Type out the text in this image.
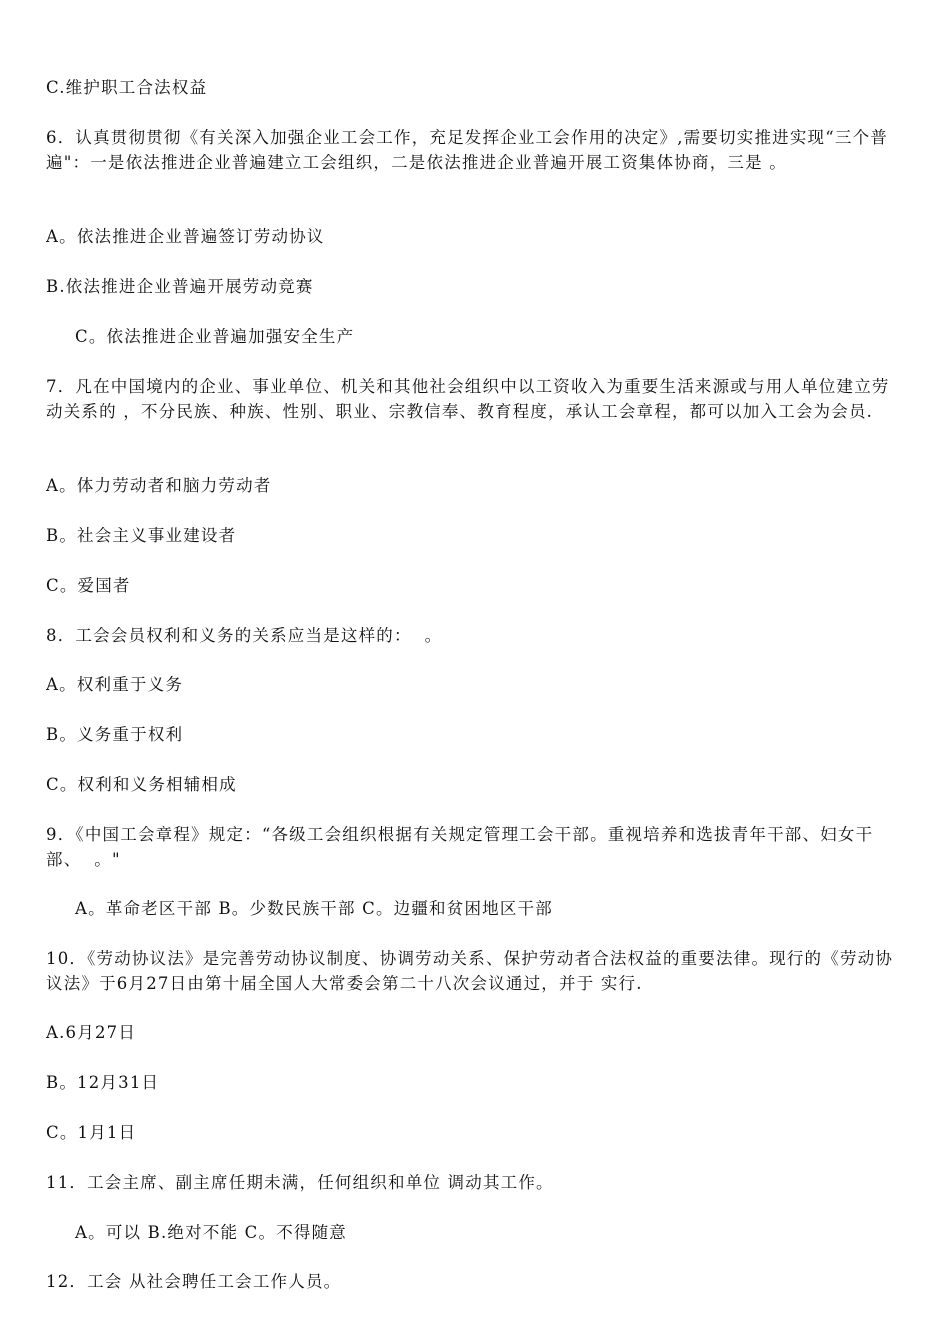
C.维护职工合法权益

6．认真贯彻贯彻《有关深入加强企业工会工作，充足发挥企业工会作用的决定》,需要切实推进实现“三个普遍"：一是依法推进企业普遍建立工会组织，二是依法推进企业普遍开展工资集体协商，三是 。

A。依法推进企业普遍签订劳动协议

B.依法推进企业普遍开展劳动竞赛

C。依法推进企业普遍加强安全生产

7．凡在中国境内的企业、事业单位、机关和其他社会组织中以工资收入为重要生活来源或与用人单位建立劳动关系的 ，不分民族、种族、性别、职业、宗教信奉、教育程度，承认工会章程，都可以加入工会为会员.

A。体力劳动者和脑力劳动者

B。社会主义事业建设者

C。爱国者

8．工会会员权利和义务的关系应当是这样的：  。

A。权利重于义务

B。义务重于权利

C。权利和义务相辅相成

9．《中国工会章程》规定：“各级工会组织根据有关规定管理工会干部。重视培养和选拔青年干部、妇女干部、  。"

A。革命老区干部 B。少数民族干部 C。边疆和贫困地区干部

10．《劳动协议法》是完善劳动协议制度、协调劳动关系、保护劳动者合法权益的重要法律。现行的《劳动协议法》于6月27日由第十届全国人大常委会第二十八次会议通过，并于 实行.

A.6月27日

B。12月31日

C。1月1日

11．工会主席、副主席任期未满，任何组织和单位 调动其工作。

A。可以 B.绝对不能 C。不得随意

12．工会 从社会聘任工会工作人员。
